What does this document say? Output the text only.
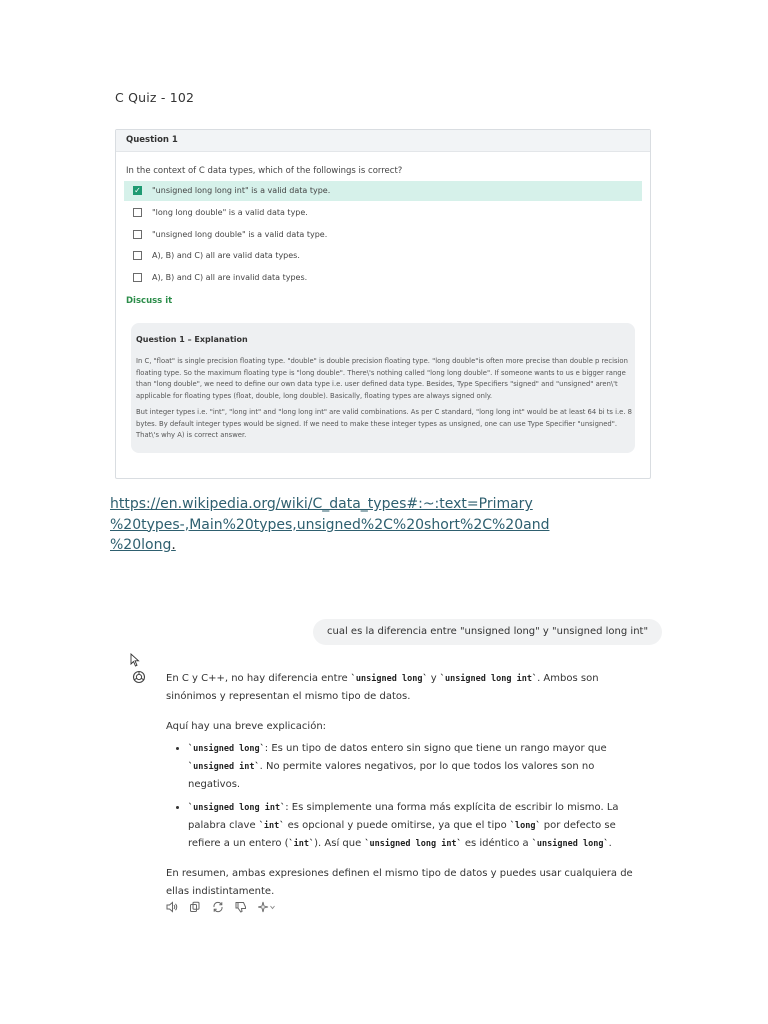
C Quiz - 102
Question 1
In the context of C data types, which of the followings is correct?
✓ "unsigned long long int" is a valid data type.
"long long double" is a valid data type.
"unsigned long double" is a valid data type.
A), B) and C) all are valid data types.
A), B) and C) all are invalid data types.
Discuss it
Question 1 – Explanation
In C, "float" is single precision floating type. "double" is double precision floating type. "long double"is often more precise than double p recision floating type. So the maximum floating type is "long double". There\'s nothing called "long long double". If someone wants to us e bigger range than "long double", we need to define our own data type i.e. user defined data type. Besides, Type Specifiers "signed" and "unsigned" aren\'t applicable for floating types (float, double, long double). Basically, floating types are always signed only.
But integer types i.e. "int", "long int" and "long long int" are valid combinations. As per C standard, "long long int" would be at least 64 bi ts i.e. 8 bytes. By default integer types would be signed. If we need to make these integer types as unsigned, one can use Type Specifier "unsigned". That\'s why A) is correct answer.
https://en.wikipedia.org/wiki/C_data_types#:~:text=Primary
%20types-,Main%20types,unsigned%2C%20short%2C%20and
%20long.
cual es la diferencia entre "unsigned long" y "unsigned long int"

En C y C++, no hay diferencia entre `unsigned long` y `unsigned long int`. Ambos son sinónimos y representan el mismo tipo de datos.

Aquí hay una breve explicación:

• `unsigned long`: Es un tipo de datos entero sin signo que tiene un rango mayor que `unsigned int`. No permite valores negativos, por lo que todos los valores son no negativos.
• `unsigned long int`: Es simplemente una forma más explícita de escribir lo mismo. La palabra clave `int` es opcional y puede omitirse, ya que el tipo `long` por defecto se refiere a un entero (`int`). Así que `unsigned long int` es idéntico a `unsigned long`.

En resumen, ambas expresiones definen el mismo tipo de datos y puedes usar cualquiera de ellas indistintamente.
